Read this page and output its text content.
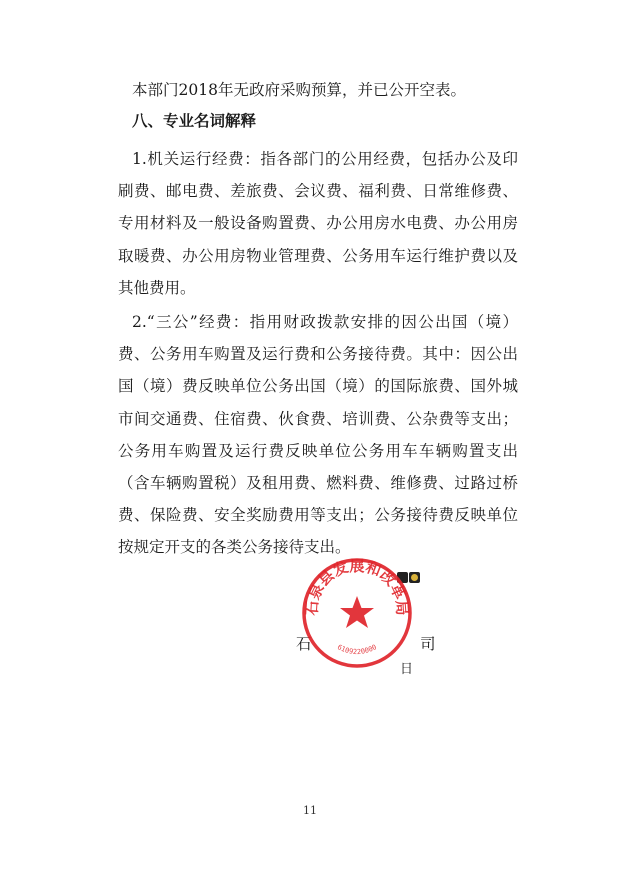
本部门2018年无政府采购预算，并已公开空表。

八、专业名词解释

1.机关运行经费：指各部门的公用经费，包括办公及印刷费、邮电费、差旅费、会议费、福利费、日常维修费、专用材料及一般设备购置费、办公用房水电费、办公用房取暖费、办公用房物业管理费、公务用车运行维护费以及其他费用。

2.“三公”经费：指用财政拨款安排的因公出国（境）费、公务用车购置及运行费和公务接待费。其中：因公出国（境）费反映单位公务出国（境）的国际旅费、国外城市间交通费、住宿费、伙食费、培训费、公杂费等支出；公务用车购置及运行费反映单位公务用车车辆购置支出（含车辆购置税）及租用费、燃料费、维修费、过路过桥费、保险费、安全奖励费用等支出；公务接待费反映单位按规定开支的各类公务接待支出。

石	司
日
石泉县发展和改革局
6109220000
11
